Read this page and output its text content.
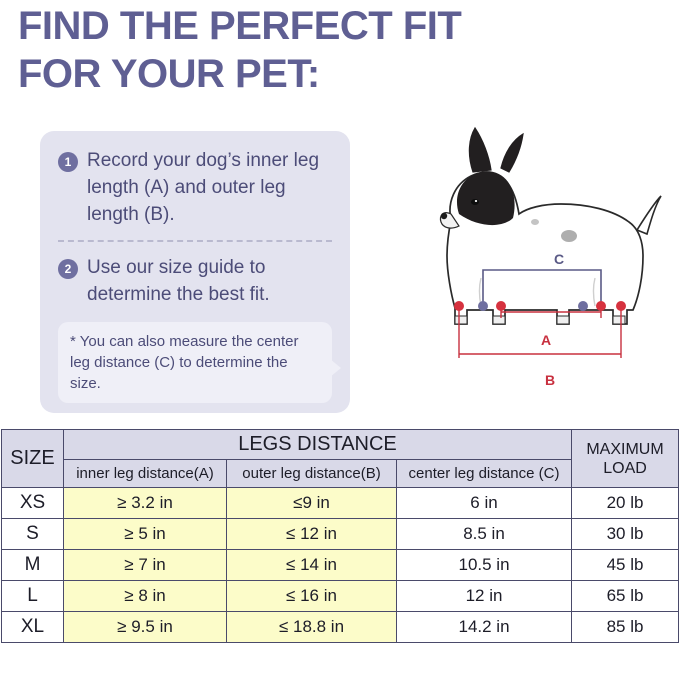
FIND THE PERFECT FIT
FOR YOUR PET:
1 Record your dog’s inner leg length (A) and outer leg length (B).
2 Use our size guide to determine the best fit.
* You can also measure the center leg distance (C) to determine the size.
C
A
B
SIZE	LEGS DISTANCE			MAXIMUM
LOAD
	inner leg distance(A)	outer leg distance(B)	center leg distance (C)	
XS	≥ 3.2 in	≤9 in	6 in	20 lb
S	≥ 5 in	≤ 12 in	8.5 in	30 lb
M	≥ 7 in	≤ 14 in	10.5 in	45 lb
L	≥ 8 in	≤ 16 in	12 in	65 lb
XL	≥ 9.5 in	≤ 18.8 in	14.2 in	85 lb
